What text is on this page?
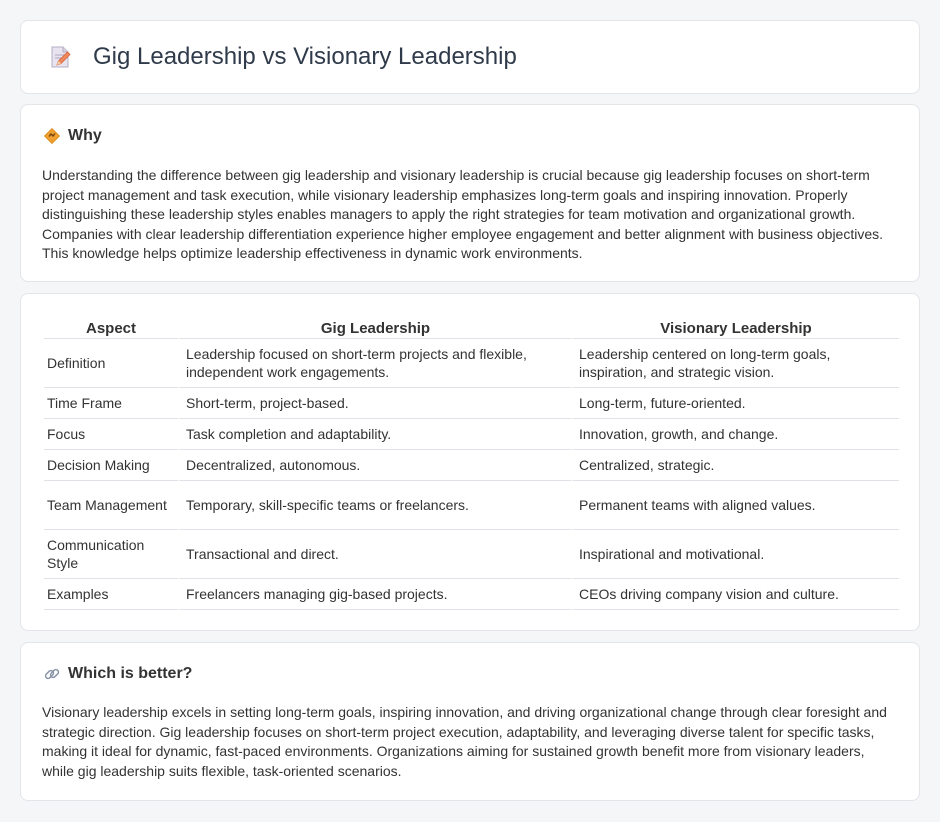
Gig Leadership vs Visionary Leadership
Why

Understanding the difference between gig leadership and visionary leadership is crucial because gig leadership focuses on short-term project management and task execution, while visionary leadership emphasizes long-term goals and inspiring innovation. Properly distinguishing these leadership styles enables managers to apply the right strategies for team motivation and organizational growth. Companies with clear leadership differentiation experience higher employee engagement and better alignment with business objectives. This knowledge helps optimize leadership effectiveness in dynamic work environments.

Aspect	Gig Leadership	Visionary Leadership
Definition	Leadership focused on short-term projects and flexible, independent work engagements.	Leadership centered on long-term goals, inspiration, and strategic vision.
Time Frame	Short-term, project-based.	Long-term, future-oriented.
Focus	Task completion and adaptability.	Innovation, growth, and change.
Decision Making	Decentralized, autonomous.	Centralized, strategic.
Team Management	Temporary, skill-specific teams or freelancers.	Permanent teams with aligned values.
Communication Style	Transactional and direct.	Inspirational and motivational.
Examples	Freelancers managing gig-based projects.	CEOs driving company vision and culture.
Which is better?

Visionary leadership excels in setting long-term goals, inspiring innovation, and driving organizational change through clear foresight and strategic direction. Gig leadership focuses on short-term project execution, adaptability, and leveraging diverse talent for specific tasks, making it ideal for dynamic, fast-paced environments. Organizations aiming for sustained growth benefit more from visionary leaders, while gig leadership suits flexible, task-oriented scenarios.
